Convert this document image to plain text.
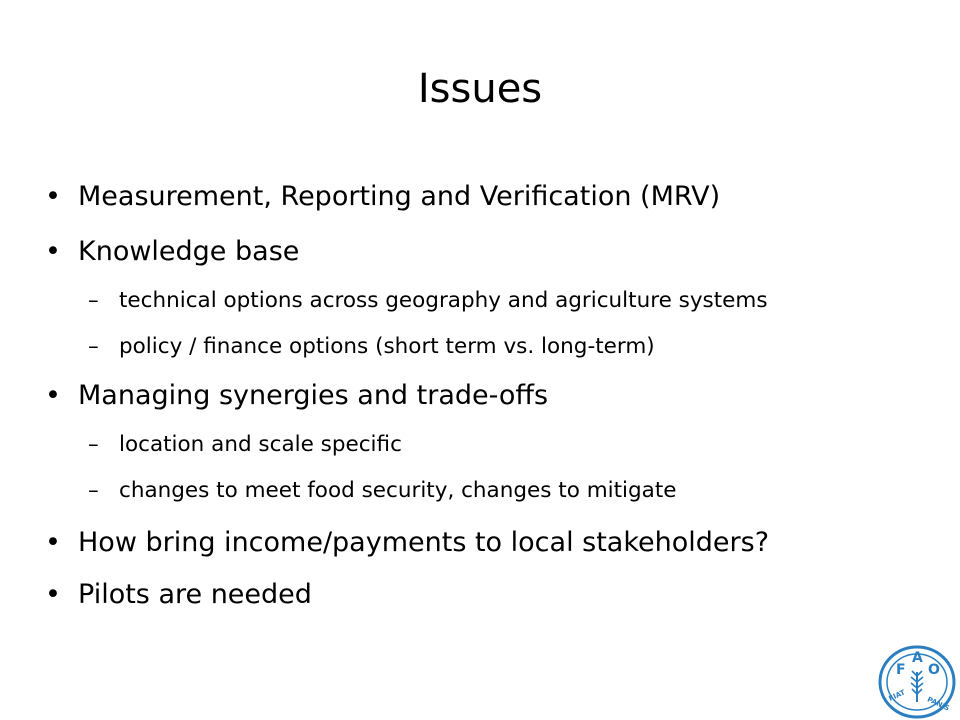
Issues
• Measurement, Reporting and Verification (MRV)
• Knowledge base
– technical options across geography and agriculture systems
– policy / finance options (short term vs. long-term)
• Managing synergies and trade-offs
– location and scale specific
– changes to meet food security, changes to mitigate
• How bring income/payments to local stakeholders?
• Pilots are needed
F
A
O
FIAT	PANIS
